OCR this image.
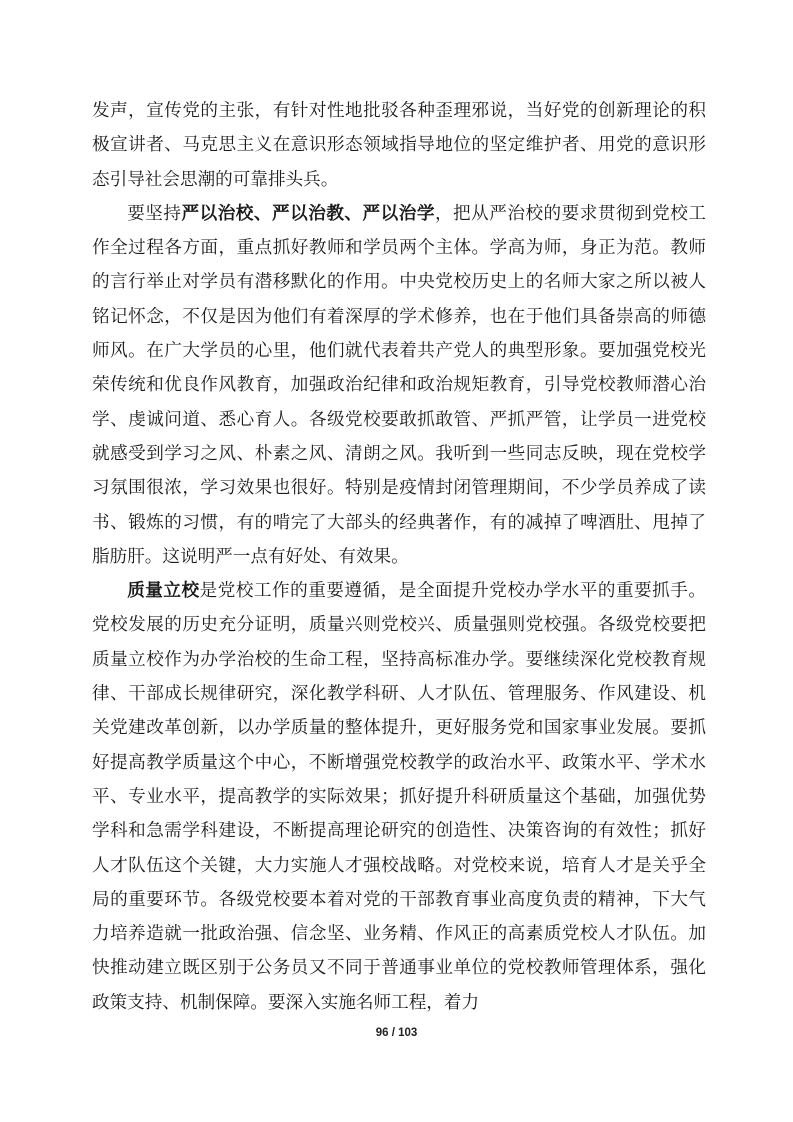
发声，宣传党的主张，有针对性地批驳各种歪理邪说，当好党的创新理论的积极宣讲者、马克思主义在意识形态领域指导地位的坚定维护者、用党的意识形态引导社会思潮的可靠排头兵。

要坚持严以治校、严以治教、严以治学，把从严治校的要求贯彻到党校工作全过程各方面，重点抓好教师和学员两个主体。学高为师，身正为范。教师的言行举止对学员有潜移默化的作用。中央党校历史上的名师大家之所以被人铭记怀念，不仅是因为他们有着深厚的学术修养，也在于他们具备崇高的师德师风。在广大学员的心里，他们就代表着共产党人的典型形象。要加强党校光荣传统和优良作风教育，加强政治纪律和政治规矩教育，引导党校教师潜心治学、虔诚问道、悉心育人。各级党校要敢抓敢管、严抓严管，让学员一进党校就感受到学习之风、朴素之风、清朗之风。我听到一些同志反映，现在党校学习氛围很浓，学习效果也很好。特别是疫情封闭管理期间，不少学员养成了读书、锻炼的习惯，有的啃完了大部头的经典著作，有的减掉了啤酒肚、甩掉了脂肪肝。这说明严一点有好处、有效果。

质量立校是党校工作的重要遵循，是全面提升党校办学水平的重要抓手。党校发展的历史充分证明，质量兴则党校兴、质量强则党校强。各级党校要把质量立校作为办学治校的生命工程，坚持高标准办学。要继续深化党校教育规律、干部成长规律研究，深化教学科研、人才队伍、管理服务、作风建设、机关党建改革创新，以办学质量的整体提升，更好服务党和国家事业发展。要抓好提高教学质量这个中心，不断增强党校教学的政治水平、政策水平、学术水平、专业水平，提高教学的实际效果；抓好提升科研质量这个基础，加强优势学科和急需学科建设，不断提高理论研究的创造性、决策咨询的有效性；抓好人才队伍这个关键，大力实施人才强校战略。对党校来说，培育人才是关乎全局的重要环节。各级党校要本着对党的干部教育事业高度负责的精神，下大气力培养造就一批政治强、信念坚、业务精、作风正的高素质党校人才队伍。加快推动建立既区别于公务员又不同于普通事业单位的党校教师管理体系，强化政策支持、机制保障。要深入实施名师工程，着力

96 / 103
